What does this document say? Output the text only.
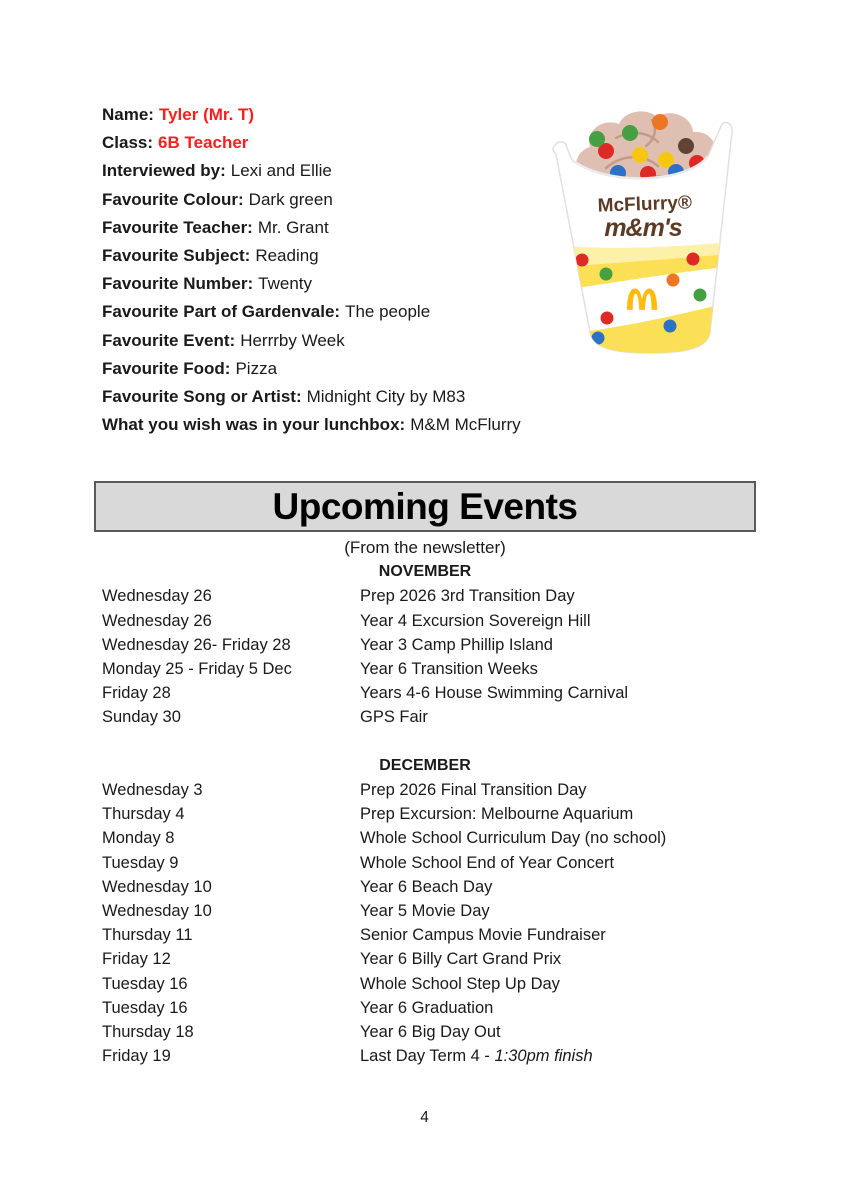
Name: Tyler (Mr. T)
Class: 6B Teacher
Interviewed by: Lexi and Ellie
Favourite Colour: Dark green
Favourite Teacher: Mr. Grant
Favourite Subject: Reading
Favourite Number: Twenty
Favourite Part of Gardenvale: The people
Favourite Event: Herrrby Week
Favourite Food: Pizza
Favourite Song or Artist: Midnight City by M83
What you wish was in your lunchbox: M&M McFlurry
McFlurry®
m&m's
Upcoming Events
(From the newsletter)
NOVEMBER
Wednesday 26	Prep 2026 3rd Transition Day
Wednesday 26	Year 4 Excursion Sovereign Hill
Wednesday 26- Friday 28	Year 3 Camp Phillip Island
Monday 25 - Friday 5 Dec	Year 6 Transition Weeks
Friday 28	Years 4-6 House Swimming Carnival
Sunday 30	GPS Fair
DECEMBER
Wednesday 3	Prep 2026 Final Transition Day
Thursday 4	Prep Excursion: Melbourne Aquarium
Monday 8	Whole School Curriculum Day (no school)
Tuesday 9	Whole School End of Year Concert
Wednesday 10	Year 6 Beach Day
Wednesday 10	Year 5 Movie Day
Thursday 11	Senior Campus Movie Fundraiser
Friday 12	Year 6 Billy Cart Grand Prix
Tuesday 16	Whole School Step Up Day
Tuesday 16	Year 6 Graduation
Thursday 18	Year 6 Big Day Out
Friday 19	Last Day Term 4 - 1:30pm finish
4
